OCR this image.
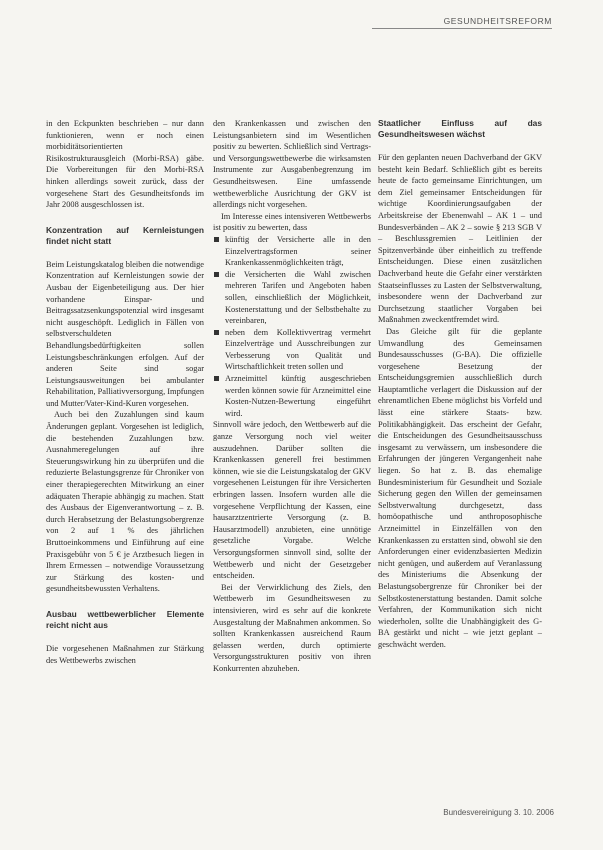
GESUNDHEITSREFORM

in den Eckpunkten beschrieben – nur dann funktionieren, wenn er noch einen morbiditätsorientierten Risikostrukturausgleich (Morbi-RSA) gäbe. Die Vorbereitungen für den Morbi-RSA hinken allerdings soweit zurück, dass der vorgesehene Start des Gesundheitsfonds im Jahr 2008 ausgeschlossen ist.

Konzentration auf Kernleistungen findet nicht statt

Beim Leistungskatalog bleiben die notwendige Konzentration auf Kernleistungen sowie der Ausbau der Eigenbeteiligung aus. Der hier vorhandene Einspar- und Beitragssatzsenkungspotenzial wird insgesamt nicht ausgeschöpft. Lediglich in Fällen von selbstverschuldeten Behandlungsbedürftigkeiten sollen Leistungsbeschränkungen erfolgen. Auf der anderen Seite sind sogar Leistungsausweitungen bei ambulanter Rehabilitation, Palliativversorgung, Impfungen und Mutter/Vater-Kind-Kuren vorgesehen.

Auch bei den Zuzahlungen sind kaum Änderungen geplant. Vorgesehen ist lediglich, die bestehenden Zuzahlungen bzw. Ausnahmeregelungen auf ihre Steuerungswirkung hin zu überprüfen und die reduzierte Belastungsgrenze für Chroniker von einer therapiegerechten Mitwirkung an einer adäquaten Therapie abhängig zu machen. Statt des Ausbaus der Eigenverantwortung – z. B. durch Herabsetzung der Belastungsobergrenze von 2 auf 1 % des jährlichen Bruttoeinkommens und Einführung auf eine Praxisgebühr von 5 € je Arztbesuch liegen in Ihrem Ermessen – notwendige Voraussetzung zur Stärkung des kosten- und gesundheitsbewussten Verhaltens.

Ausbau wettbewerblicher Elemente reicht nicht aus

Die vorgesehenen Maßnahmen zur Stärkung des Wettbewerbs zwischen

den Krankenkassen und zwischen den Leistungsanbietern sind im Wesentlichen positiv zu bewerten. Schließlich sind Vertrags- und Versorgungswettbewerbe die wirksamsten Instrumente zur Ausgabenbegrenzung im Gesundheitswesen. Eine umfassende wettbewerbliche Ausrichtung der GKV ist allerdings nicht vorgesehen.

Im Interesse eines intensiveren Wettbewerbs ist positiv zu bewerten, dass

künftig der Versicherte alle in den Einzelvertragsformen seiner Krankenkassenmöglichkeiten trägt,
die Versicherten die Wahl zwischen mehreren Tarifen und Angeboten haben sollen, einschließlich der Möglichkeit, Kostenerstattung und der Selbstbehalte zu vereinbaren,
neben dem Kollektivvertrag vermehrt Einzelverträge und Ausschreibungen zur Verbesserung von Qualität und Wirtschaftlichkeit treten sollen und
Arzneimittel künftig ausgeschrieben werden können sowie für Arzneimittel eine Kosten-Nutzen-Bewertung eingeführt wird.

Sinnvoll wäre jedoch, den Wettbewerb auf die ganze Versorgung noch viel weiter auszudehnen. Darüber sollten die Krankenkassen generell frei bestimmen können, wie sie die Leistungskatalog der GKV vorgesehenen Leistungen für ihre Versicherten erbringen lassen. Insofern wurden alle die vorgesehene Verpflichtung der Kassen, eine hausarztzentrierte Versorgung (z. B. Hausarztmodell) anzubieten, eine unnötige gesetzliche Vorgabe. Welche Versorgungsformen sinnvoll sind, sollte der Wettbewerb und nicht der Gesetzgeber entscheiden.

Bei der Verwirklichung des Ziels, den Wettbewerb im Gesundheitswesen zu intensivieren, wird es sehr auf die konkrete Ausgestaltung der Maßnahmen ankommen. So sollten Krankenkassen ausreichend Raum gelassen werden, durch optimierte Versorgungsstrukturen positiv von ihren Konkurrenten abzuheben.

Staatlicher Einfluss auf das Gesundheitswesen wächst

Für den geplanten neuen Dachverband der GKV besteht kein Bedarf. Schließlich gibt es bereits heute de facto gemeinsame Einrichtungen, um dem Ziel gemeinsamer Entscheidungen für wichtige Koordinierungsaufgaben der Arbeitskreise der Ebenenwahl – AK 1 – und Bundesverbänden – AK 2 – sowie § 213 SGB V – Beschlussgremien – Leitlinien der Spitzenverbände über einheitlich zu treffende Entscheidungen. Diese einen zusätzlichen Dachverband heute die Gefahr einer verstärkten Staatseinflusses zu Lasten der Selbstverwaltung, insbesondere wenn der Dachverband zur Durchsetzung staatlicher Vorgaben bei Maßnahmen zweckentfremdet wird.

Das Gleiche gilt für die geplante Umwandlung des Gemeinsamen Bundesausschusses (G-BA). Die offizielle vorgesehene Besetzung der Entscheidungsgremien ausschließlich durch Hauptamtliche verlagert die Diskussion auf der ehrenamtlichen Ebene möglichst bis Vorfeld und lässt eine stärkere Staats- bzw. Politikabhängigkeit. Das erscheint der Gefahr, die Entscheidungen des Gesundheitsausschuss insgesamt zu verwässern, um insbesondere die Erfahrungen der jüngeren Vergangenheit nahe liegen. So hat z. B. das ehemalige Bundesministerium für Gesundheit und Soziale Sicherung gegen den Willen der gemeinsamen Selbstverwaltung durchgesetzt, dass homöopathische und anthroposophische Arzneimittel in Einzelfällen von den Krankenkassen zu erstatten sind, obwohl sie den Anforderungen einer evidenzbasierten Medizin nicht genügen, und außerdem auf Veranlassung des Ministeriums die Absenkung der Belastungsobergrenze für Chroniker bei der Selbstkostenerstattung bestanden. Damit solche Verfahren, der Kommunikation sich nicht wiederholen, sollte die Unabhängigkeit des G-BA gestärkt und nicht – wie jetzt geplant – geschwächt werden.

Bundesvereinigung 3. 10. 2006
